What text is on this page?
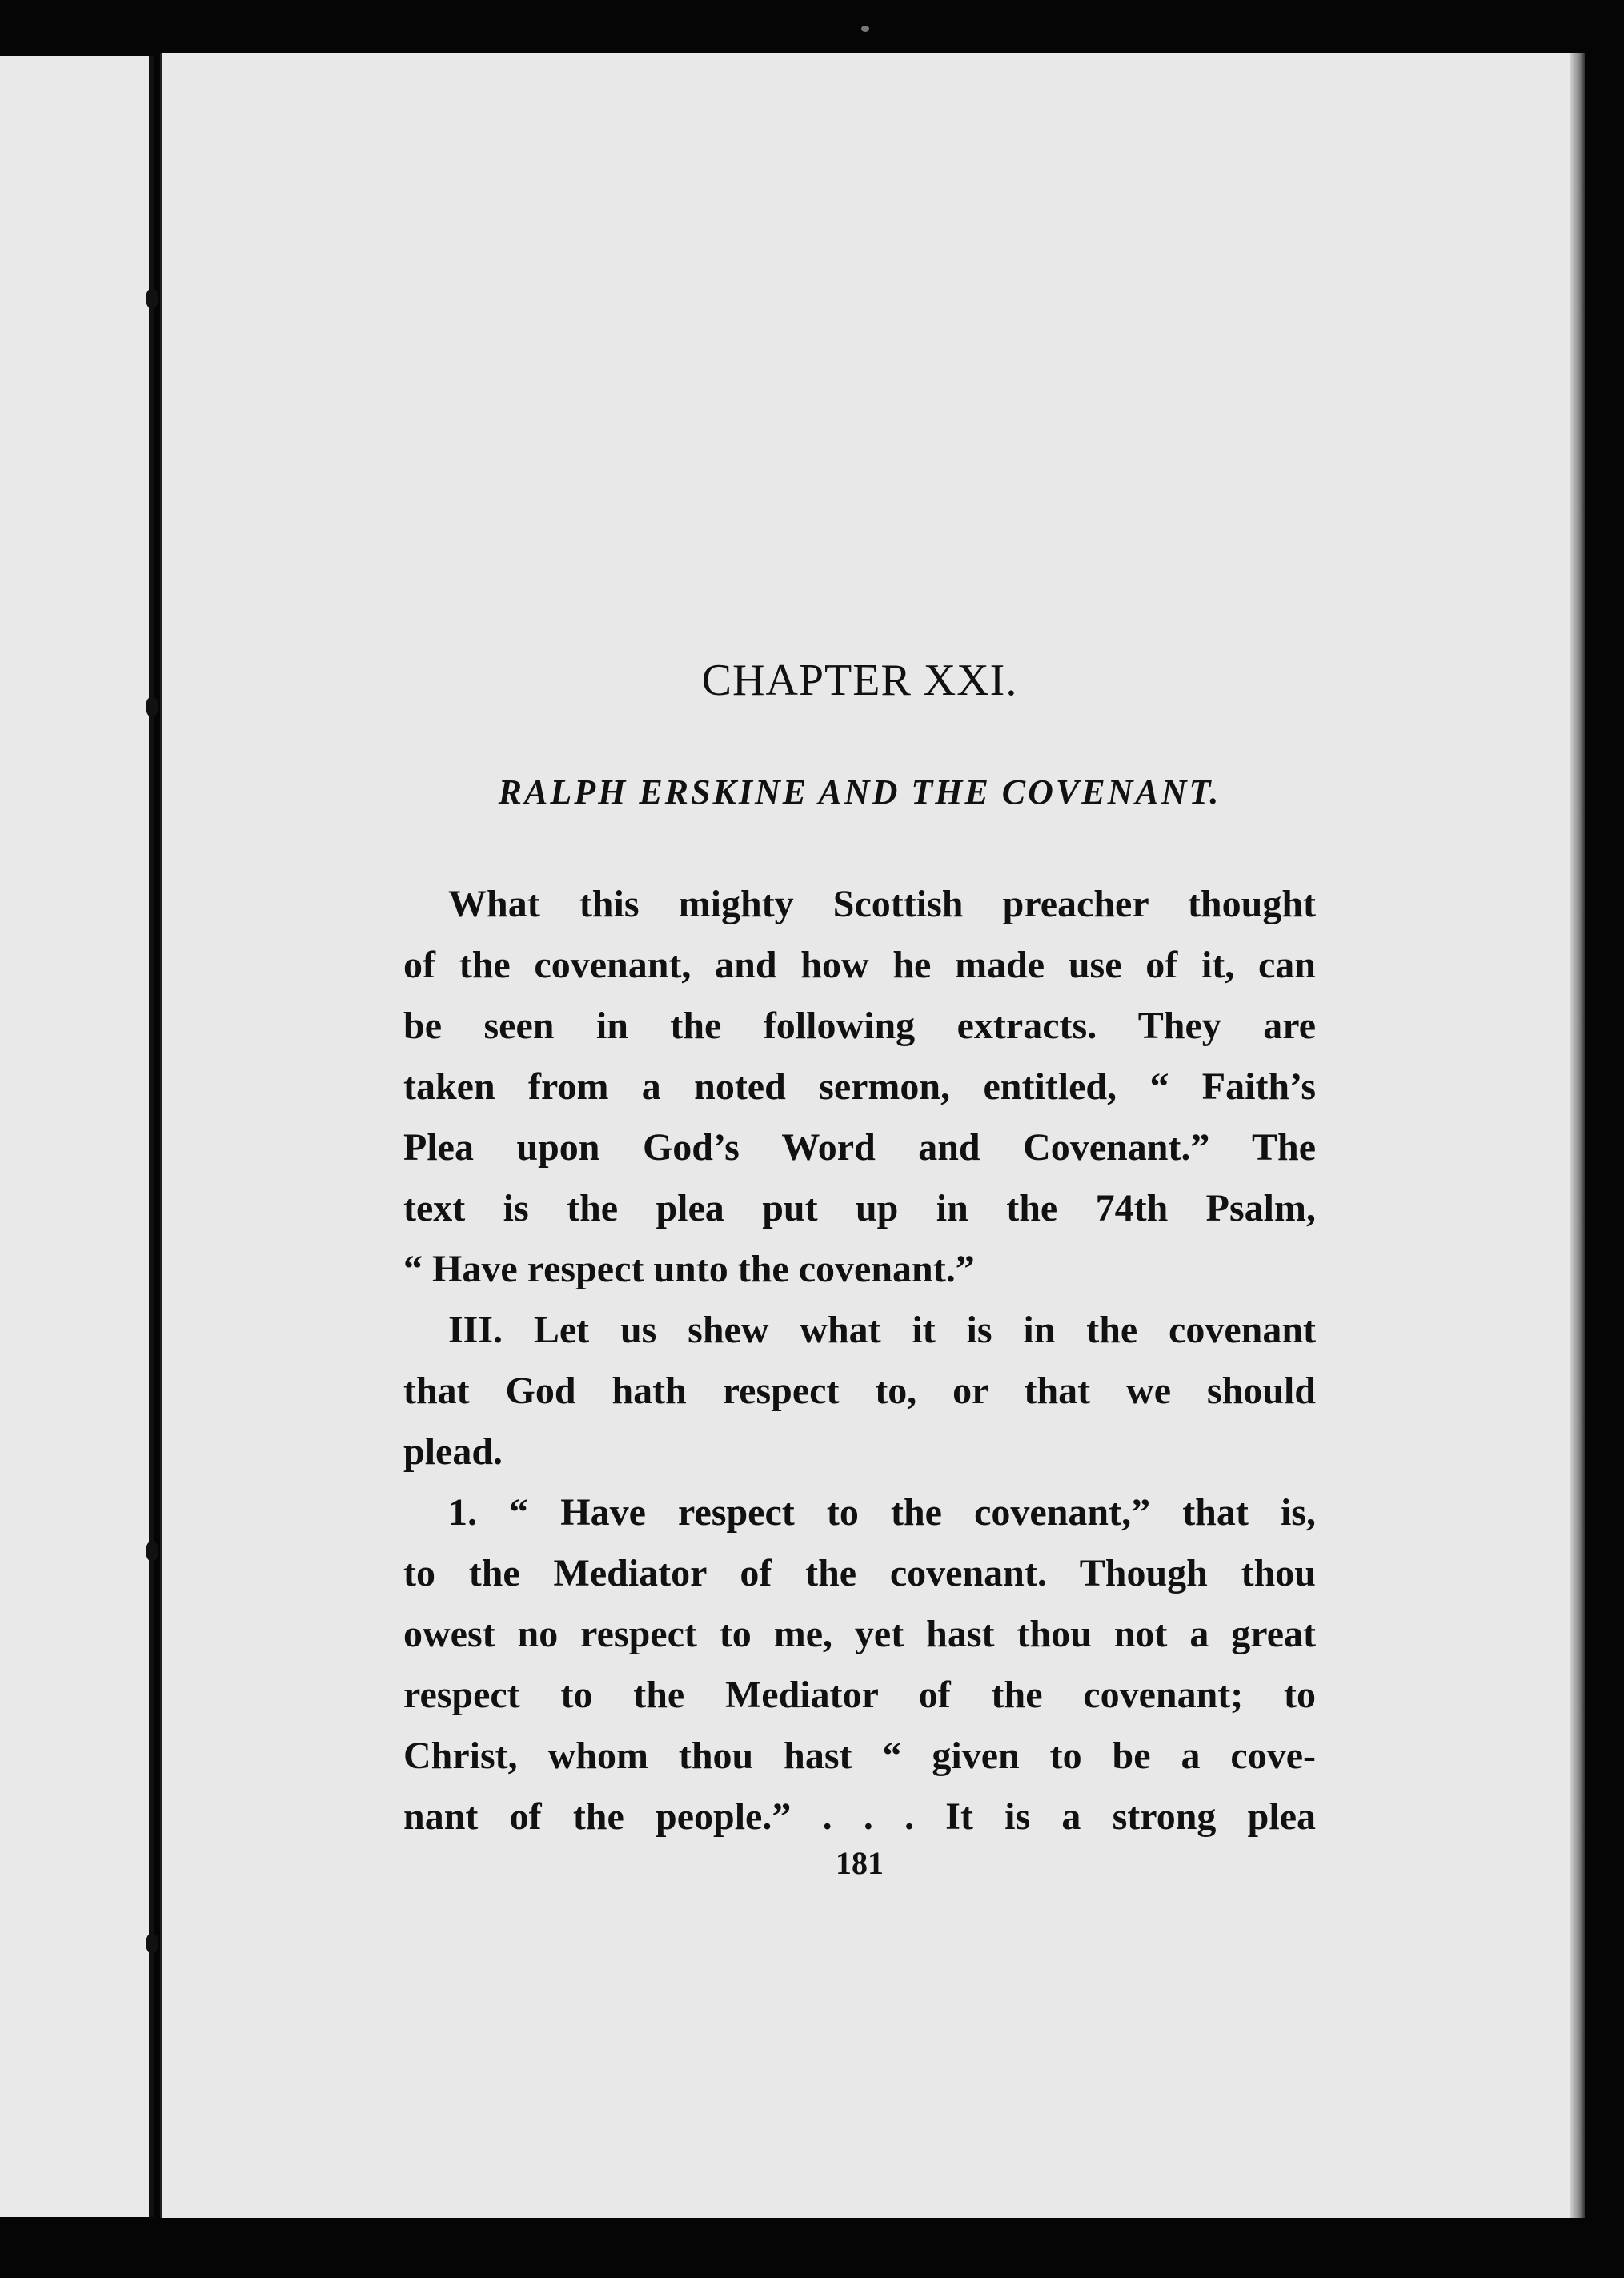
CHAPTER XXI.
RALPH ERSKINE AND THE COVENANT.
What this mighty Scottish preacher thought
of the covenant, and how he made use of it, can
be seen in the following extracts. They are
taken from a noted sermon, entitled, “ Faith’s
Plea upon God’s Word and Covenant.” The
text is the plea put up in the 74th Psalm,
“ Have respect unto the covenant.”
III. Let us shew what it is in the covenant
that God hath respect to, or that we should
plead.
1. “ Have respect to the covenant,” that is,
to the Mediator of the covenant. Though thou
owest no respect to me, yet hast thou not a great
respect to the Mediator of the covenant; to
Christ, whom thou hast “ given to be a cove-
nant of the people.” . . . It is a strong plea
181
